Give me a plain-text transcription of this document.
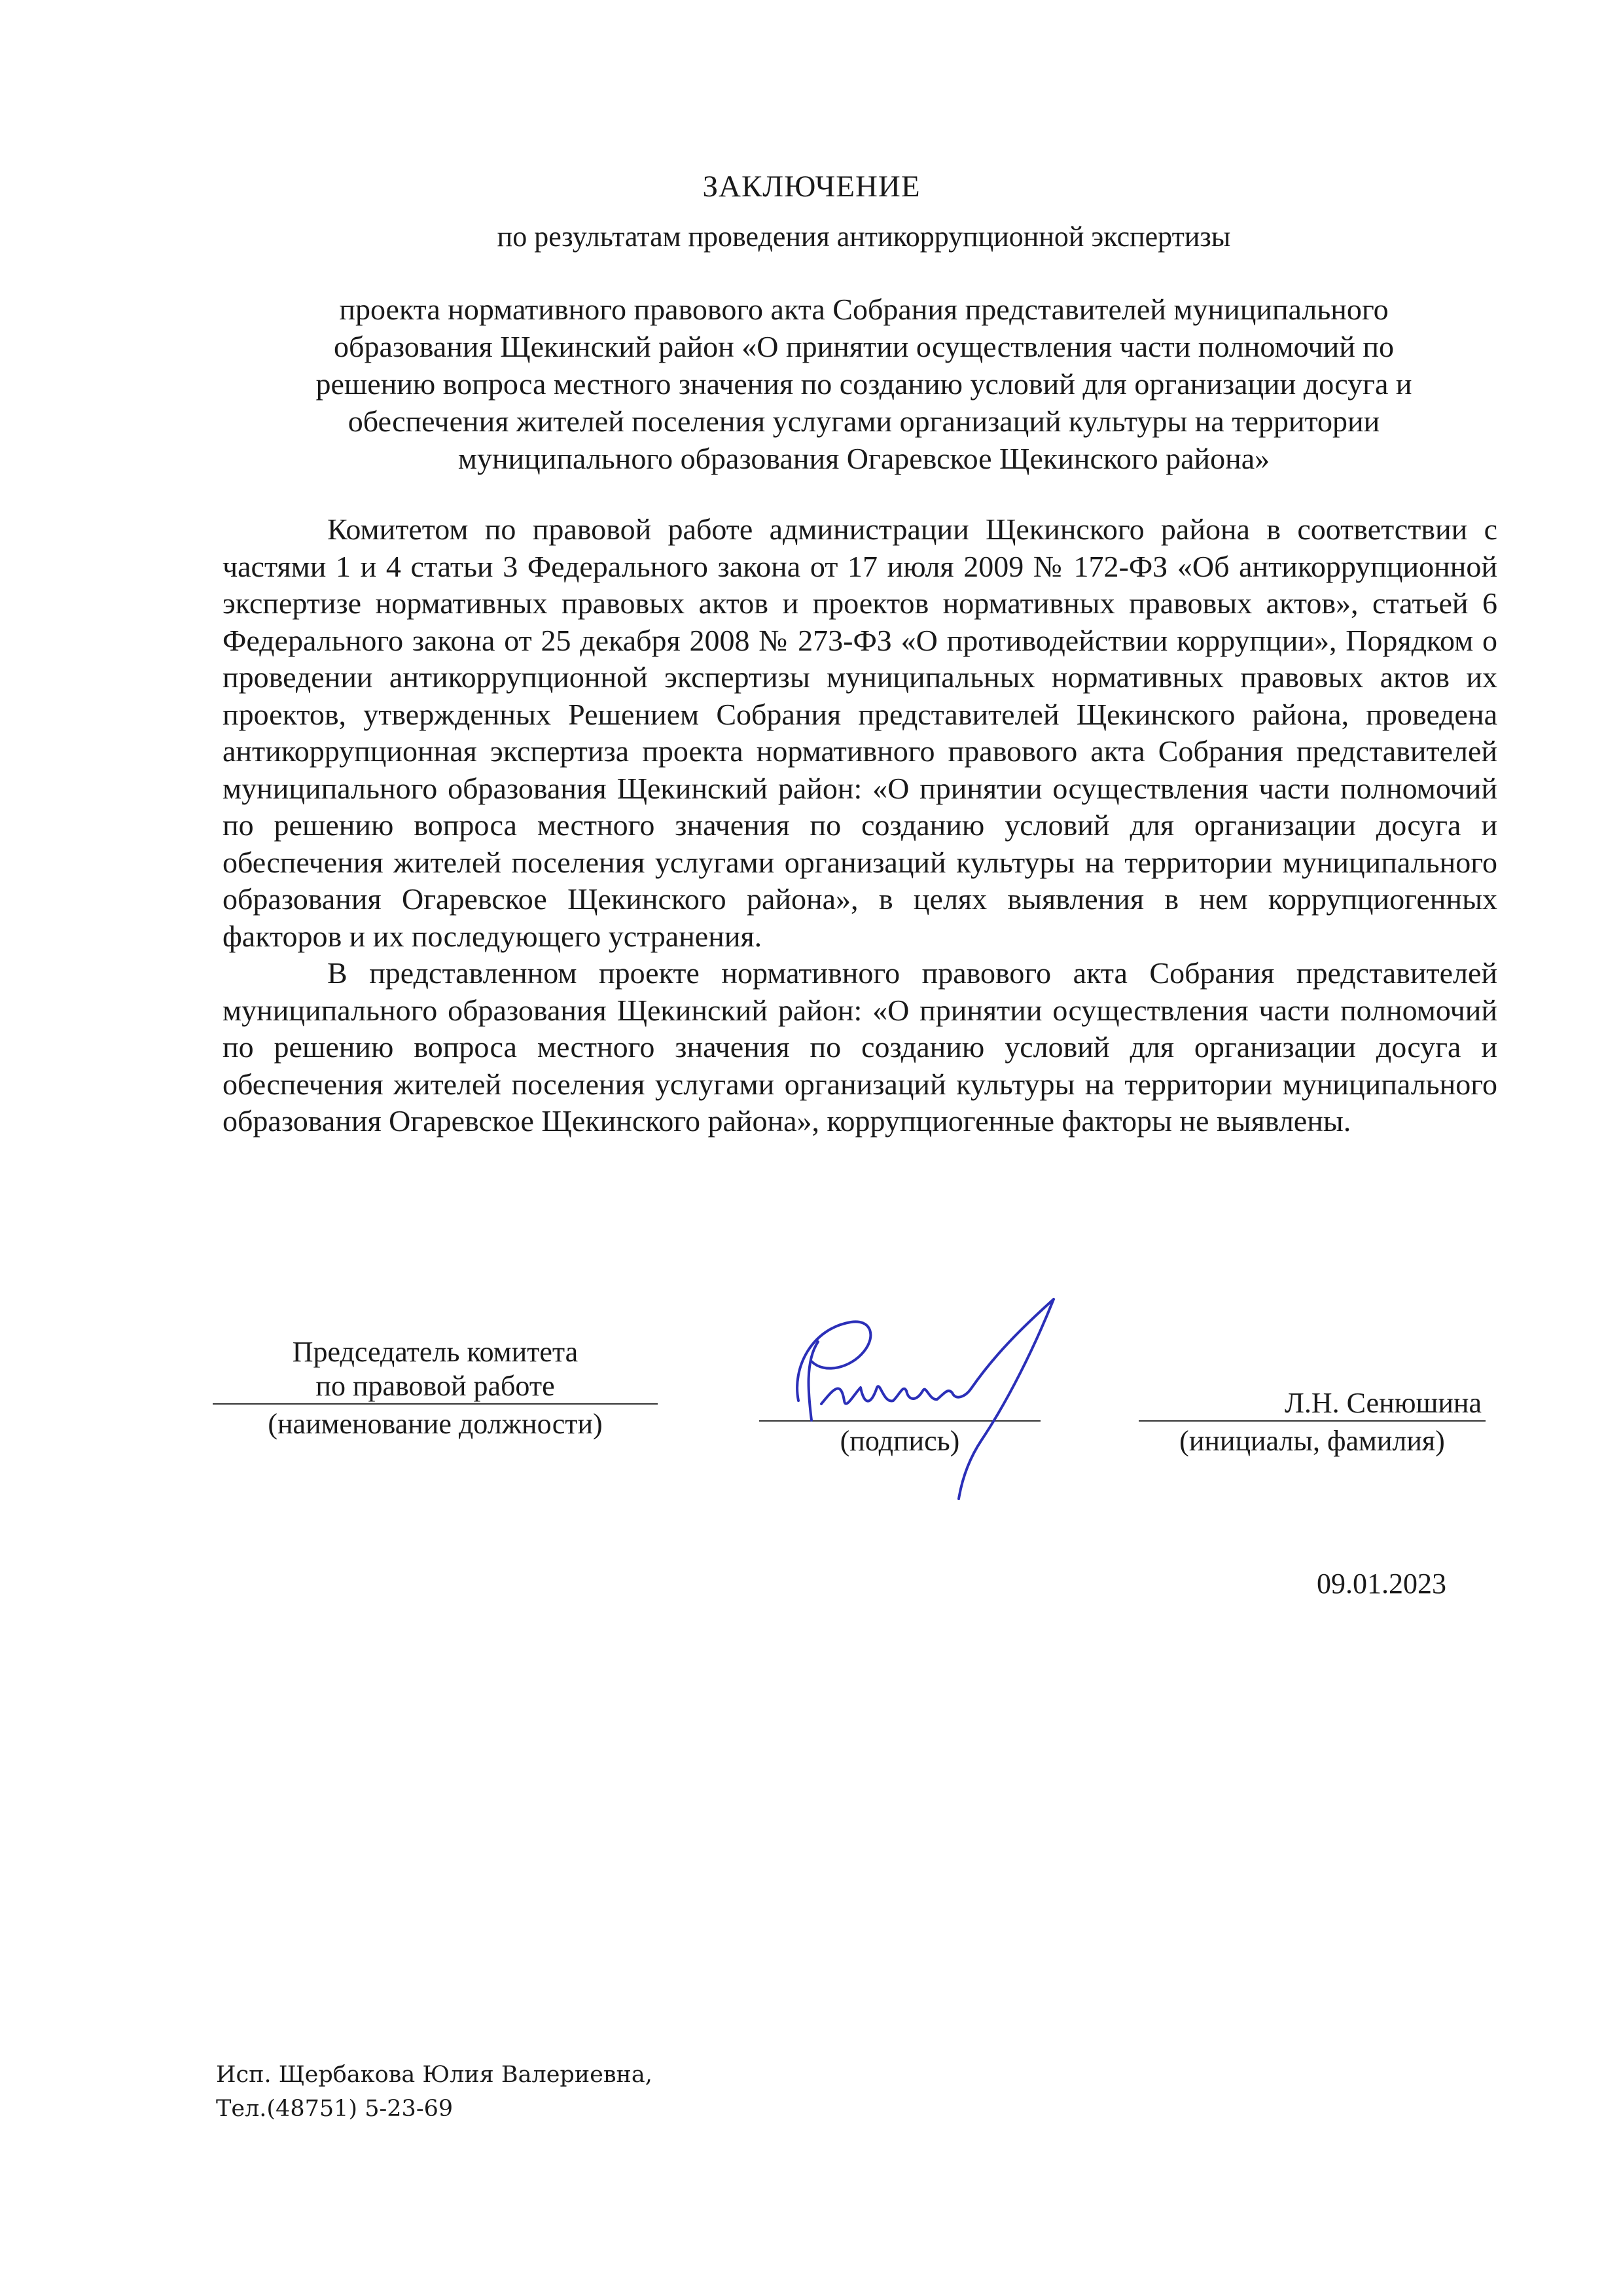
ЗАКЛЮЧЕНИЕ
по результатам проведения антикоррупционной экспертизы
проекта нормативного правового акта Собрания представителей муниципального
образования Щекинский район «О принятии осуществления части полномочий по
решению вопроса местного значения по созданию условий для организации досуга и
обеспечения жителей поселения услугами организаций культуры на территории
муниципального образования Огаревское Щекинского района»

Комитетом по правовой работе администрации Щекинского района в соответствии с частями 1 и 4 статьи 3 Федерального закона от 17 июля 2009 № 172-ФЗ «Об антикоррупционной экспертизе нормативных правовых актов и проектов нормативных правовых актов», статьей 6 Федерального закона от 25 декабря 2008 № 273-ФЗ «О противодействии коррупции», Порядком о проведении антикоррупционной экспертизы муниципальных нормативных правовых актов их проектов, утвержденных Решением Собрания представителей Щекинского района, проведена антикоррупционная экспертиза проекта нормативного правового акта Собрания представителей муниципального образования Щекинский район: «О принятии осуществления части полномочий по решению вопроса местного значения по созданию условий для организации досуга и обеспечения жителей поселения услугами организаций культуры на территории муниципального образования Огаревское Щекинского района», в целях выявления в нем коррупциогенных факторов и их последующего устранения.

В представленном проекте нормативного правового акта Собрания представителей муниципального образования Щекинский район: «О принятии осуществления части полномочий по решению вопроса местного значения по созданию условий для организации досуга и обеспечения жителей поселения услугами организаций культуры на территории муниципального образования Огаревское Щекинского района», коррупциогенные факторы не выявлены.

Председатель комитета
по правовой работе
(наименование должности)
(подпись)
Л.Н. Сенюшина
(инициалы, фамилия)
09.01.2023
Исп. Щербакова Юлия Валериевна,
Тел.(48751) 5-23-69
